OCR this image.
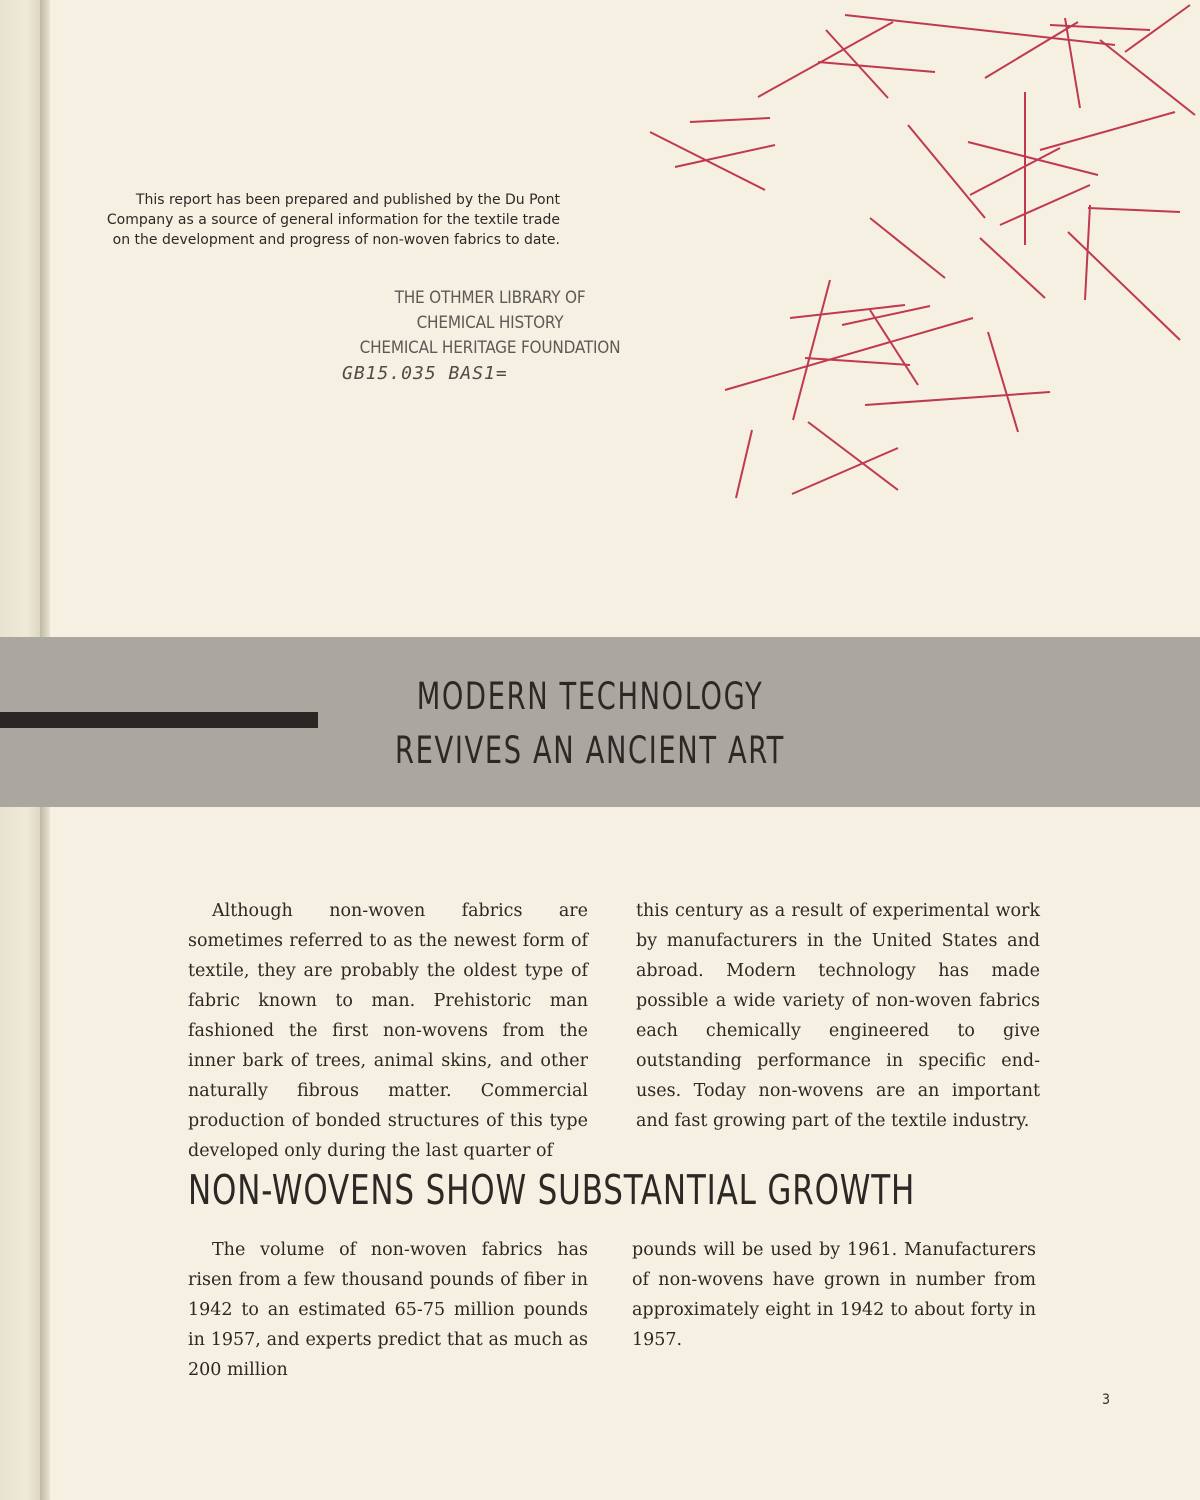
This report has been prepared and published by the Du Pont Company as a source of general information for the textile trade on the development and progress of non-woven fabrics to date.

THE OTHMER LIBRARY OF
CHEMICAL HISTORY
CHEMICAL HERITAGE FOUNDATION
GB15.035 BAS1=
MODERN TECHNOLOGY
REVIVES AN ANCIENT ART

Although non-woven fabrics are sometimes referred to as the newest form of textile, they are probably the oldest type of fabric known to man. Prehistoric man fashioned the first non-wovens from the inner bark of trees, animal skins, and other naturally fibrous matter. Commercial production of bonded structures of this type developed only during the last quarter of

this century as a result of experimental work by manufacturers in the United States and abroad. Modern technology has made possible a wide variety of non-woven fabrics each chemically engineered to give outstanding performance in specific end-uses. Today non-wovens are an important and fast growing part of the textile industry.

NON-WOVENS SHOW SUBSTANTIAL GROWTH

The volume of non-woven fabrics has risen from a few thousand pounds of fiber in 1942 to an estimated 65-75 million pounds in 1957, and experts predict that as much as 200 million

pounds will be used by 1961. Manufacturers of non-wovens have grown in number from approximately eight in 1942 to about forty in 1957.

3
